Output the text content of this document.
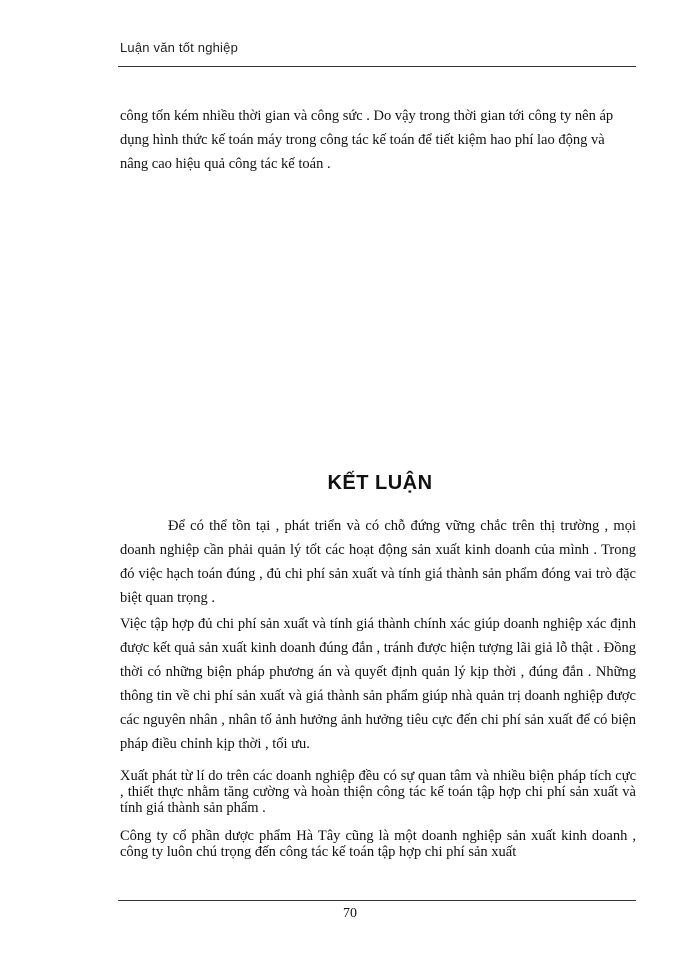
Luận văn tốt nghiệp

công tốn kém nhiều thời gian và công sức . Do vậy trong thời gian tới công ty nên áp dụng hình thức kế toán máy trong công tác kế toán để tiết kiệm hao phí lao động và nâng cao hiệu quả công tác kế toán .

KẾT LUẬN

Để có thể tồn tại , phát triển và có chỗ đứng vững chắc trên thị trường , mọi doanh nghiệp cần phải quản lý tốt các hoạt động sản xuất kinh doanh của mình . Trong đó việc hạch toán đúng , đủ chi phí sản xuất và tính giá thành sản phẩm đóng vai trò đặc biệt quan trọng .

Việc tập hợp đủ chi phí sản xuất và tính giá thành chính xác giúp doanh nghiệp xác định được kết quả sản xuất kinh doanh đúng đắn , tránh được hiện tượng lãi giả lỗ thật . Đồng thời có những biện pháp phương án và quyết định quản lý kịp thời , đúng đắn . Những thông tin về chi phí sản xuất và giá thành sản phẩm giúp nhà quản trị doanh nghiệp được các nguyên nhân , nhân tố ảnh hưởng ảnh hưởng tiêu cực đến chi phí sản xuất để có biện pháp điều chỉnh kịp thời , tối ưu.

Xuất phát từ lí do trên các doanh nghiệp đều có sự quan tâm và nhiều biện pháp tích cực , thiết thực nhằm tăng cường và hoàn thiện công tác kế toán tập hợp chi phí sản xuất và tính giá thành sản phẩm .

Công ty cổ phần dược phẩm Hà Tây cũng là một doanh nghiệp sản xuất kinh doanh , công ty luôn chú trọng đến công tác kế toán tập hợp chi phí sản xuất

70
